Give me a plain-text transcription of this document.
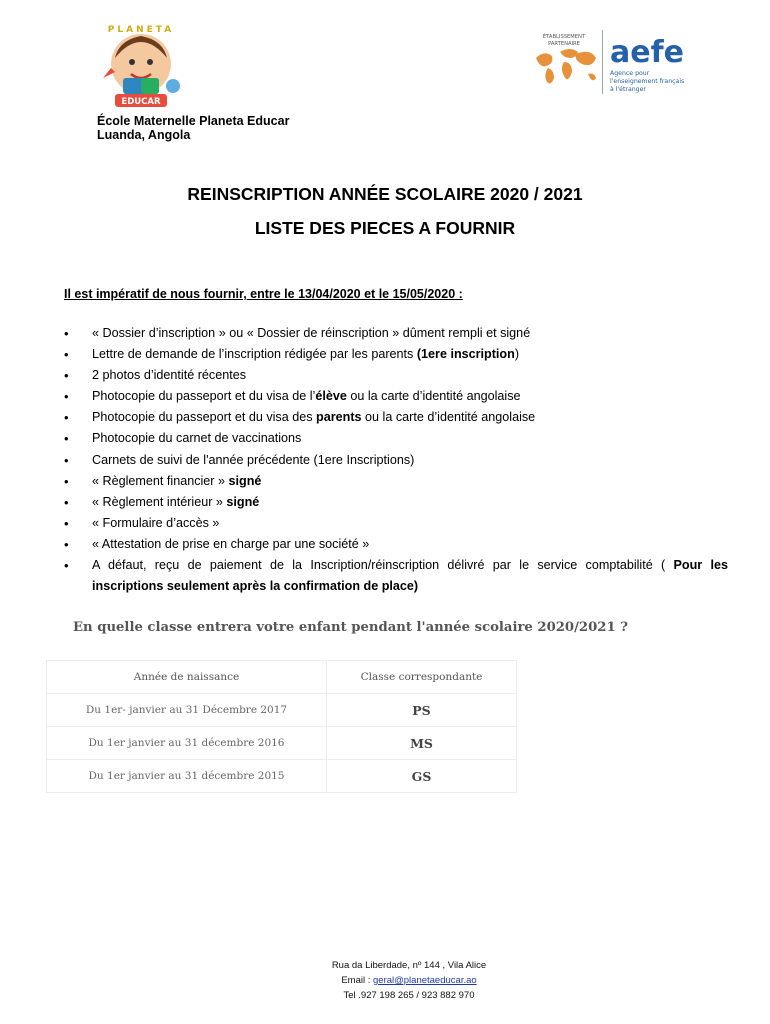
PLANETA
EDUCAR
ÉTABLISSEMENT
PARTENAIRE aefe
Agence pour
l'enseignement français
à l'étranger
École Maternelle Planeta Educar
Luanda, Angola
REINSCRIPTION ANNÉE SCOLAIRE 2020 / 2021
LISTE DES PIECES A FOURNIR
Il est impératif de nous fournir, entre le 13/04/2020 et le 15/05/2020 :
• « Dossier d’inscription » ou « Dossier de réinscription » dûment rempli et signé
• Lettre de demande de l’inscription rédigée par les parents (1ere inscription)
• 2 photos d’identité récentes
• Photocopie du passeport et du visa de l’élève ou la carte d’identité angolaise
• Photocopie du passeport et du visa des parents ou la carte d’identité angolaise
• Photocopie du carnet de vaccinations
• Carnets de suivi de l'année précédente (1ere Inscriptions)
• « Règlement financier » signé
• « Règlement intérieur » signé
• « Formulaire d’accès »
• « Attestation de prise en charge par une société »
• A défaut, reçu de paiement de la Inscription/réinscription délivré par le service comptabilité ( Pour les inscriptions seulement après la confirmation de place)
En quelle classe entrera votre enfant pendant l'année scolaire 2020/2021 ?
Année de naissance	Classe correspondante
Du 1er- janvier au 31 Décembre 2017	PS
Du 1er janvier au 31 décembre 2016	MS
Du 1er janvier au 31 décembre 2015	GS
Rua da Liberdade, nº 144 , Vila Alice
Email : geral@planetaeducar.ao
Tel .927 198 265 / 923 882 970
